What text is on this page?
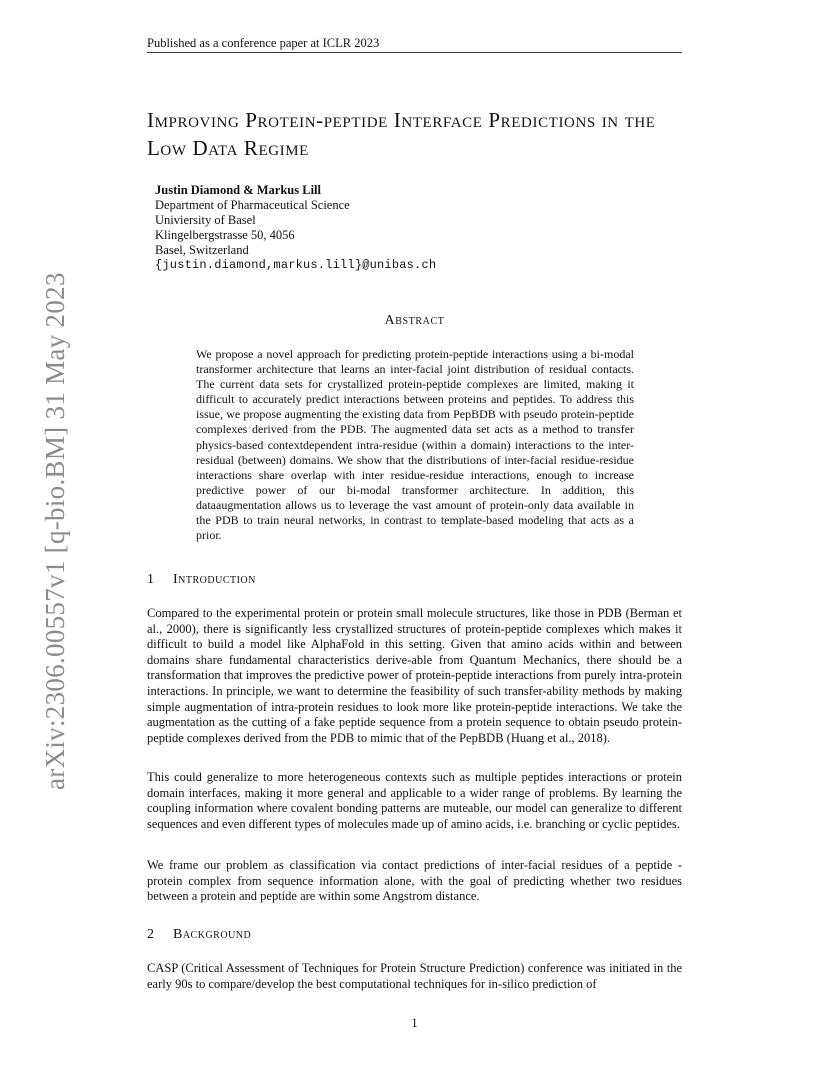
Published as a conference paper at ICLR 2023
arXiv:2306.00557v1 [q-bio.BM] 31 May 2023
Improving Protein-peptide Interface Predictions in the Low Data Regime
Justin Diamond & Markus Lill
Department of Pharmaceutical Science
Univiersity of Basel
Klingelbergstrasse 50, 4056
Basel, Switzerland
{justin.diamond,markus.lill}@unibas.ch
Abstract

We propose a novel approach for predicting protein-peptide interactions using a bi-modal transformer architecture that learns an inter-facial joint distribution of residual contacts. The current data sets for crystallized protein-peptide complexes are limited, making it difficult to accurately predict interactions between proteins and peptides. To address this issue, we propose augmenting the existing data from PepBDB with pseudo protein-peptide complexes derived from the PDB. The augmented data set acts as a method to transfer physics-based contextdependent intra-residue (within a domain) interactions to the inter-residual (between) domains. We show that the distributions of inter-facial residue-residue interactions share overlap with inter residue-residue interactions, enough to increase predictive power of our bi-modal transformer architecture. In addition, this dataaugmentation allows us to leverage the vast amount of protein-only data available in the PDB to train neural networks, in contrast to template-based modeling that acts as a prior.

1 Introduction

Compared to the experimental protein or protein small molecule structures, like those in PDB (Berman et al., 2000), there is significantly less crystallized structures of protein-peptide complexes which makes it difficult to build a model like AlphaFold in this setting. Given that amino acids within and between domains share fundamental characteristics derive-able from Quantum Mechanics, there should be a transformation that improves the predictive power of protein-peptide interactions from purely intra-protein interactions. In principle, we want to determine the feasibility of such transfer-ability methods by making simple augmentation of intra-protein residues to look more like protein-peptide interactions. We take the augmentation as the cutting of a fake peptide sequence from a protein sequence to obtain pseudo protein-peptide complexes derived from the PDB to mimic that of the PepBDB (Huang et al., 2018).

This could generalize to more heterogeneous contexts such as multiple peptides interactions or protein domain interfaces, making it more general and applicable to a wider range of problems. By learning the coupling information where covalent bonding patterns are muteable, our model can generalize to different sequences and even different types of molecules made up of amino acids, i.e. branching or cyclic peptides.

We frame our problem as classification via contact predictions of inter-facial residues of a peptide - protein complex from sequence information alone, with the goal of predicting whether two residues between a protein and peptide are within some Angstrom distance.

2 Background

CASP (Critical Assessment of Techniques for Protein Structure Prediction) conference was initiated in the early 90s to compare/develop the best computational techniques for in-silico prediction of

1
